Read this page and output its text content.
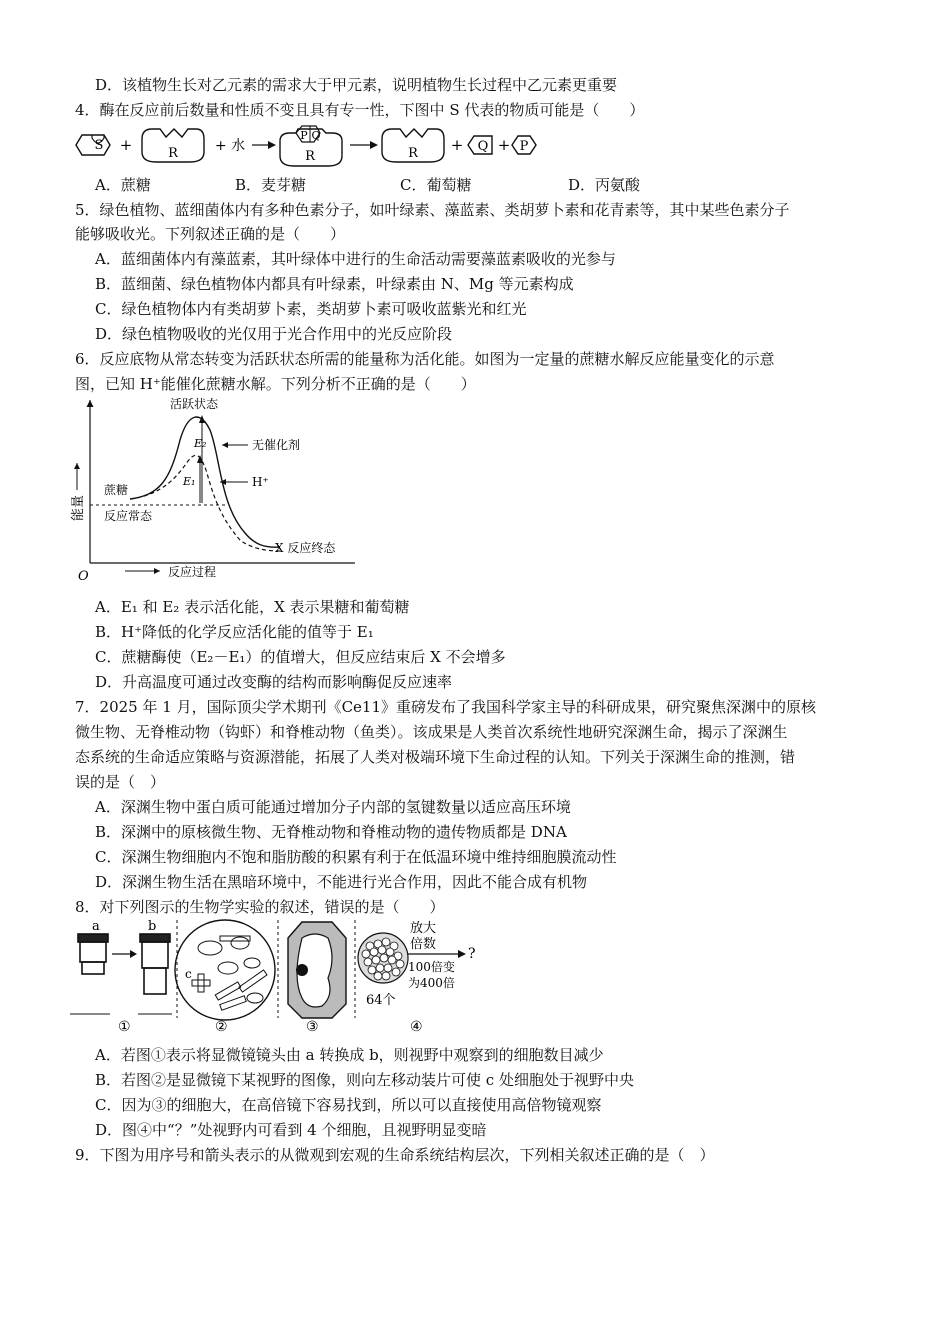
D．该植物生长对乙元素的需求大于甲元素，说明植物生长过程中乙元素更重要
4．酶在反应前后数量和性质不变且具有专一性，下图中 S 代表的物质可能是（　　）
S +	R	+ 水
P Q
R	R + Q + P
A．蔗糖	B．麦芽糖	C．葡萄糖	D．丙氨酸
5．绿色植物、蓝细菌体内有多种色素分子，如叶绿素、藻蓝素、类胡萝卜素和花青素等，其中某些色素分子
能够吸收光。下列叙述正确的是（　　）
A．蓝细菌体内有藻蓝素，其叶绿体中进行的生命活动需要藻蓝素吸收的光参与
B．蓝细菌、绿色植物体内都具有叶绿素，叶绿素由 N、Mg 等元素构成
C．绿色植物体内有类胡萝卜素，类胡萝卜素可吸收蓝紫光和红光
D．绿色植物吸收的光仅用于光合作用中的光反应阶段
6．反应底物从常态转变为活跃状态所需的能量称为活化能。如图为一定量的蔗糖水解反应能量变化的示意
图，已知 H⁺能催化蔗糖水解。下列分析不正确的是（　　）
O
能量
E₂
E₁
活跃状态
无催化剂
H⁺
蔗糖
反应常态
X 反应终态
反应过程
A．E₁ 和 E₂ 表示活化能，X 表示果糖和葡萄糖
B．H⁺降低的化学反应活化能的值等于 E₁
C．蔗糖酶使（E₂－E₁）的值增大，但反应结束后 X 不会增多
D．升高温度可通过改变酶的结构而影响酶促反应速率
7．2025 年 1 月，国际顶尖学术期刊《Ce11》重磅发布了我国科学家主导的科研成果，研究聚焦深渊中的原核
微生物、无脊椎动物（钩虾）和脊椎动物（鱼类）。该成果是人类首次系统性地研究深渊生命，揭示了深渊生
态系统的生命适应策略与资源潜能，拓展了人类对极端环境下生命过程的认知。下列关于深渊生命的推测，错
误的是（　）
A．深渊生物中蛋白质可能通过增加分子内部的氢键数量以适应高压环境
B．深渊中的原核微生物、无脊椎动物和脊椎动物的遗传物质都是 DNA
C．深渊生物细胞内不饱和脂肪酸的积累有利于在低温环境中维持细胞膜流动性
D．深渊生物生活在黑暗环境中，不能进行光合作用，因此不能合成有机物
8．对下列图示的生物学实验的叙述，错误的是（　　）
a	b
①
c
②	③
64个
放大
倍数
?
100倍变
为400倍
④
A．若图①表示将显微镜镜头由 a 转换成 b，则视野中观察到的细胞数目减少
B．若图②是显微镜下某视野的图像，则向左移动装片可使 c 处细胞处于视野中央
C．因为③的细胞大，在高倍镜下容易找到，所以可以直接使用高倍物镜观察
D．图④中“？”处视野内可看到 4 个细胞，且视野明显变暗
9．下图为用序号和箭头表示的从微观到宏观的生命系统结构层次，下列相关叙述正确的是（　）
